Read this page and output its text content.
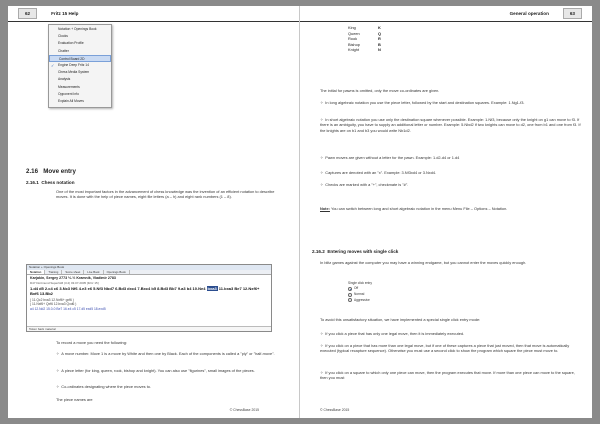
62	Fritz 15 Help
Notation + Openings Book
Clocks
Evaluation Profile
Chatter
Control Board 2D
✓ Engine Deep Fritz 14
Chess Media System
Analysis
Measurements
Opponent Info
Explain All Moves
2.16 Move entry
2.16.1 Chess notation
One of the most important factors in the advancement of chess knowledge was the invention of an efficient notation to describe moves. It is done with the help of piece names, eight file letters (a – h) and eight rank numbers (1 – 8).
Notation + Openings Book
Notation	Training	Score sheet	Live Book	Openings Book
Karjakin, Sergey 2773 ½-½ Kramnik, Vladimir 2783
D47 Dortmund SuperGM (3.2) 03.07.2005 [Fritz 15]
1.d4 d5 2.c4 c6 3.Nc3 Nf6 4.e3 e6 5.Nf3 Nbd7 6.Bd3 dxc4 7.Bxc4 b5 8.Bd3 Bb7 9.a3 b4 10.Ne4 bxa3 11.bxa3 Be7 12.Nxf6+ Bxf6 13.Bb2
( 11.Qc2 bxa3 12.Nxf6+ gxf6 )
( 11.Nxf6+ Qxf6 12.bxa3 Qxd6 )
a4 12.Nd2 15.0-0 Be7 16.e4 c5 17.d5 exd5 18.exd5
Token back material
To record a move you need the following:
✧ A move number. Move 1 is a move by White and then one by Black. Each of the components is called a "ply" or "half-move".
✧ A piece letter (for king, queen, rook, bishop and knight). You can also use "figurines", small images of the pieces.
✧ Co-ordinates designating where the piece moves to.
The piece names are
© ChessBase 2015
General operation	63
King	K
Queen	Q
Rook	R
Bishop	B
Knight	N
The initial for pawns is omitted, only the move co-ordinates are given.
✧ In long algebraic notation you use the piece letter, followed by the start and destination squares. Example: 1.Ng1-f3.
✧ In short algebraic notation you use only the destination square whenever possible. Example: 1.Nf3, because only the knight on g1 can move to f3. If there is an ambiguity, you have to supply an additional letter or number. Example: 5.Nbd2 if two knights can move to d2, one from b1 and one from f3. If the knights are on b1 and b3 you would write Nb1d2.
✧ Pawn moves are given without a letter for the pawn. Example: 1.d2-d4 or 1.d4
✧ Captures are denoted with an "x". Example: 3.Nf3xd4 or 3.Nxd4.
✧ Checks are marked with a "+", checkmate is "#".
Note: You can switch between long and short algebraic notation in the menu Menu File – Options – Notation.
2.16.2 Entering moves with single click
In blitz games against the computer you may have a winning endgame, but you cannot enter the moves quickly enough.
Single click entry
Off
Normal
Aggressive
To avoid this unsatisfactory situation, we have implemented a special single click entry mode:
✧ If you click a piece that has only one legal move, then it is immediately executed.
✧ If you click on a piece that has more than one legal move, but if one of these captures a piece that just moved, then that move is automatically executed (typical recapture sequence). Otherwise you must use a second click to show the program which square the piece must move to.
✧ If you click on a square to which only one piece can move, then the program executes that move. If more than one piece can move to the square, then you must
© ChessBase 2015
